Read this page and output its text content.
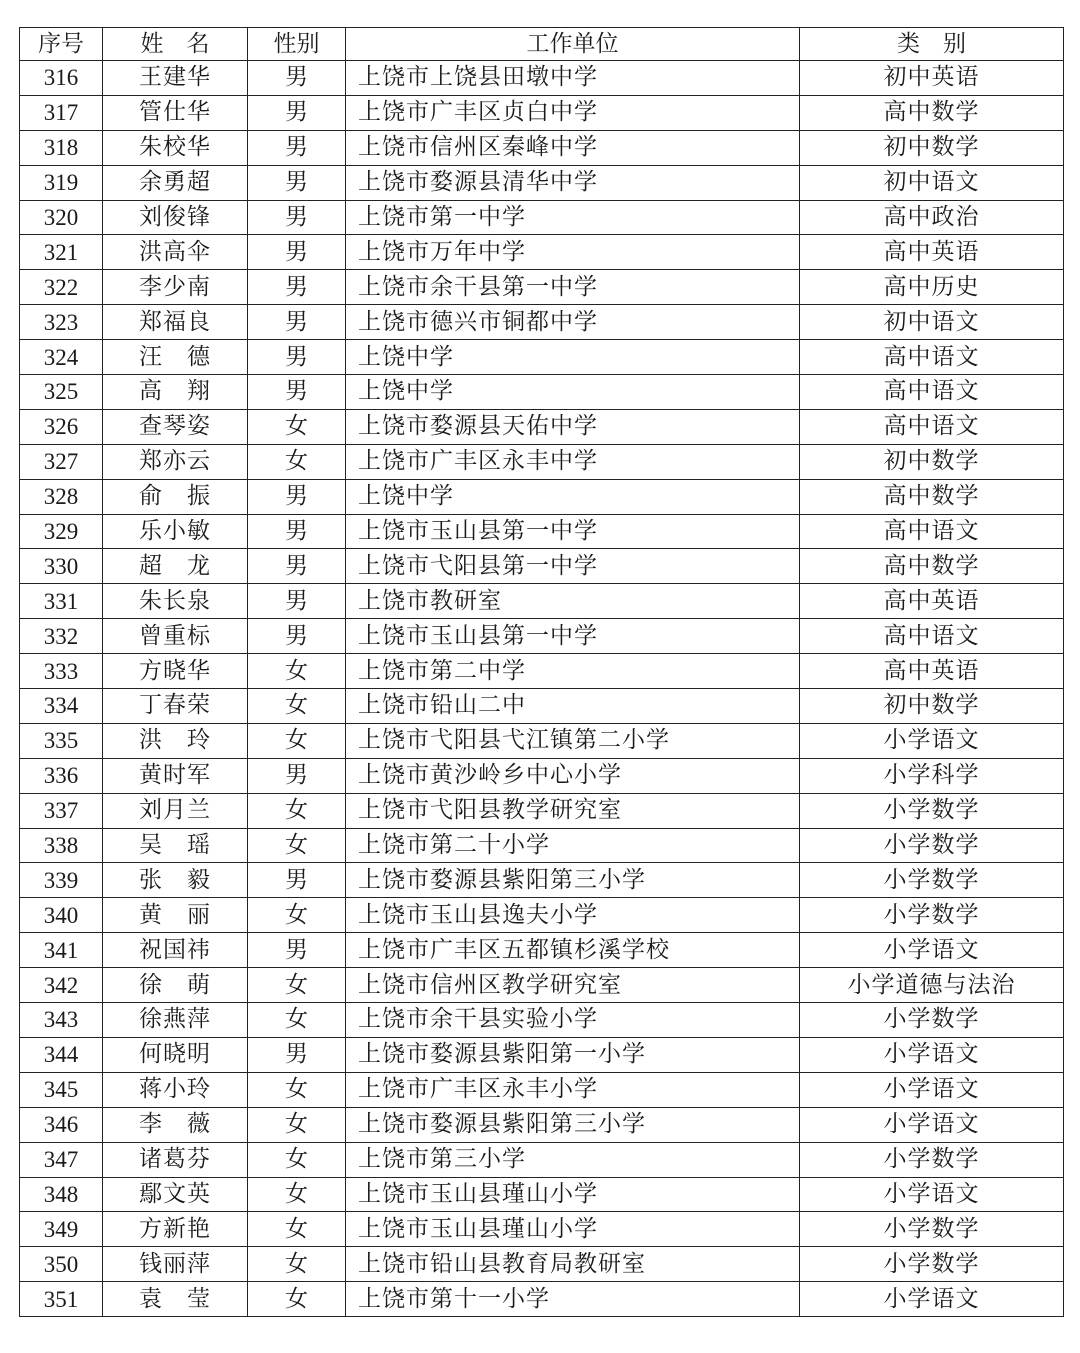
序号	姓　名	性别	工作单位	类　别
316	王建华	男	上饶市上饶县田墩中学	初中英语
317	管仕华	男	上饶市广丰区贞白中学	高中数学
318	朱校华	男	上饶市信州区秦峰中学	初中数学
319	余勇超	男	上饶市婺源县清华中学	初中语文
320	刘俊锋	男	上饶市第一中学	高中政治
321	洪高伞	男	上饶市万年中学	高中英语
322	李少南	男	上饶市余干县第一中学	高中历史
323	郑福良	男	上饶市德兴市铜都中学	初中语文
324	汪　德	男	上饶中学	高中语文
325	高　翔	男	上饶中学	高中语文
326	查琴姿	女	上饶市婺源县天佑中学	高中语文
327	郑亦云	女	上饶市广丰区永丰中学	初中数学
328	俞　振	男	上饶中学	高中数学
329	乐小敏	男	上饶市玉山县第一中学	高中语文
330	超　龙	男	上饶市弋阳县第一中学	高中数学
331	朱长泉	男	上饶市教研室	高中英语
332	曾重标	男	上饶市玉山县第一中学	高中语文
333	方晓华	女	上饶市第二中学	高中英语
334	丁春荣	女	上饶市铅山二中	初中数学
335	洪　玲	女	上饶市弋阳县弋江镇第二小学	小学语文
336	黄时军	男	上饶市黄沙岭乡中心小学	小学科学
337	刘月兰	女	上饶市弋阳县教学研究室	小学数学
338	吴　瑶	女	上饶市第二十小学	小学数学
339	张　毅	男	上饶市婺源县紫阳第三小学	小学数学
340	黄　丽	女	上饶市玉山县逸夫小学	小学数学
341	祝国祎	男	上饶市广丰区五都镇杉溪学校	小学语文
342	徐　萌	女	上饶市信州区教学研究室	小学道德与法治
343	徐燕萍	女	上饶市余干县实验小学	小学数学
344	何晓明	男	上饶市婺源县紫阳第一小学	小学语文
345	蒋小玲	女	上饶市广丰区永丰小学	小学语文
346	李　薇	女	上饶市婺源县紫阳第三小学	小学语文
347	诸葛芬	女	上饶市第三小学	小学数学
348	鄢文英	女	上饶市玉山县瑾山小学	小学语文
349	方新艳	女	上饶市玉山县瑾山小学	小学数学
350	钱丽萍	女	上饶市铅山县教育局教研室	小学数学
351	袁　莹	女	上饶市第十一小学	小学语文
